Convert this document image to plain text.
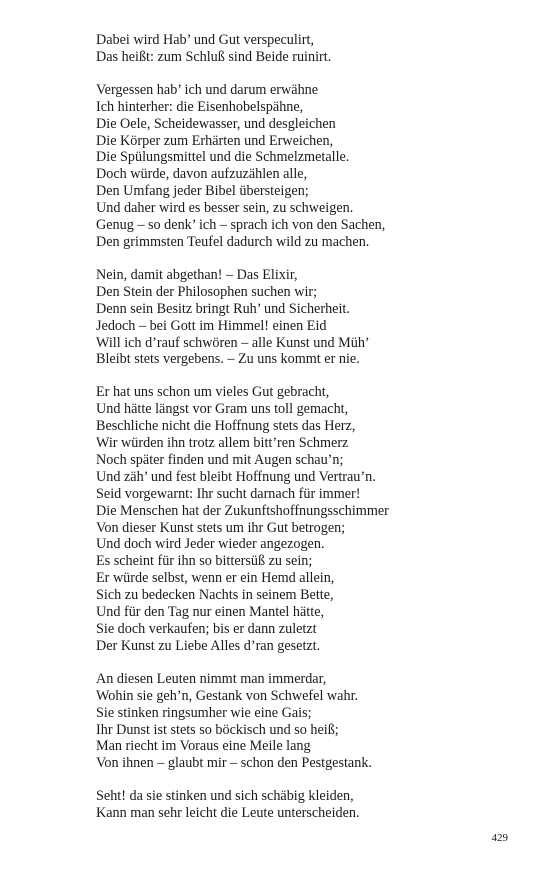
Dabei wird Hab’ und Gut verspeculirt,
Das heißt: zum Schluß sind Beide ruinirt.
Vergessen hab’ ich und darum erwähne
Ich hinterher: die Eisenhobelspähne,
Die Oele, Scheidewasser, und desgleichen
Die Körper zum Erhärten und Erweichen,
Die Spülungsmittel und die Schmelzmetalle.
Doch würde, davon aufzuzählen alle,
Den Umfang jeder Bibel übersteigen;
Und daher wird es besser sein, zu schweigen.
Genug – so denk’ ich – sprach ich von den Sachen,
Den grimmsten Teufel dadurch wild zu machen.
Nein, damit abgethan! – Das Elixir,
Den Stein der Philosophen suchen wir;
Denn sein Besitz bringt Ruh’ und Sicherheit.
Jedoch – bei Gott im Himmel! einen Eid
Will ich d’rauf schwören – alle Kunst und Müh’
Bleibt stets vergebens. – Zu uns kommt er nie.
Er hat uns schon um vieles Gut gebracht,
Und hätte längst vor Gram uns toll gemacht,
Beschliche nicht die Hoffnung stets das Herz,
Wir würden ihn trotz allem bitt’ren Schmerz
Noch später finden und mit Augen schau’n;
Und zäh’ und fest bleibt Hoffnung und Vertrau’n.
Seid vorgewarnt: Ihr sucht darnach für immer!
Die Menschen hat der Zukunftshoffnungsschimmer
Von dieser Kunst stets um ihr Gut betrogen;
Und doch wird Jeder wieder angezogen.
Es scheint für ihn so bittersüß zu sein;
Er würde selbst, wenn er ein Hemd allein,
Sich zu bedecken Nachts in seinem Bette,
Und für den Tag nur einen Mantel hätte,
Sie doch verkaufen; bis er dann zuletzt
Der Kunst zu Liebe Alles d’ran gesetzt.
An diesen Leuten nimmt man immerdar,
Wohin sie geh’n, Gestank von Schwefel wahr.
Sie stinken ringsumher wie eine Gais;
Ihr Dunst ist stets so böckisch und so heiß;
Man riecht im Voraus eine Meile lang
Von ihnen – glaubt mir – schon den Pestgestank.
Seht! da sie stinken und sich schäbig kleiden,
Kann man sehr leicht die Leute unterscheiden.
429
